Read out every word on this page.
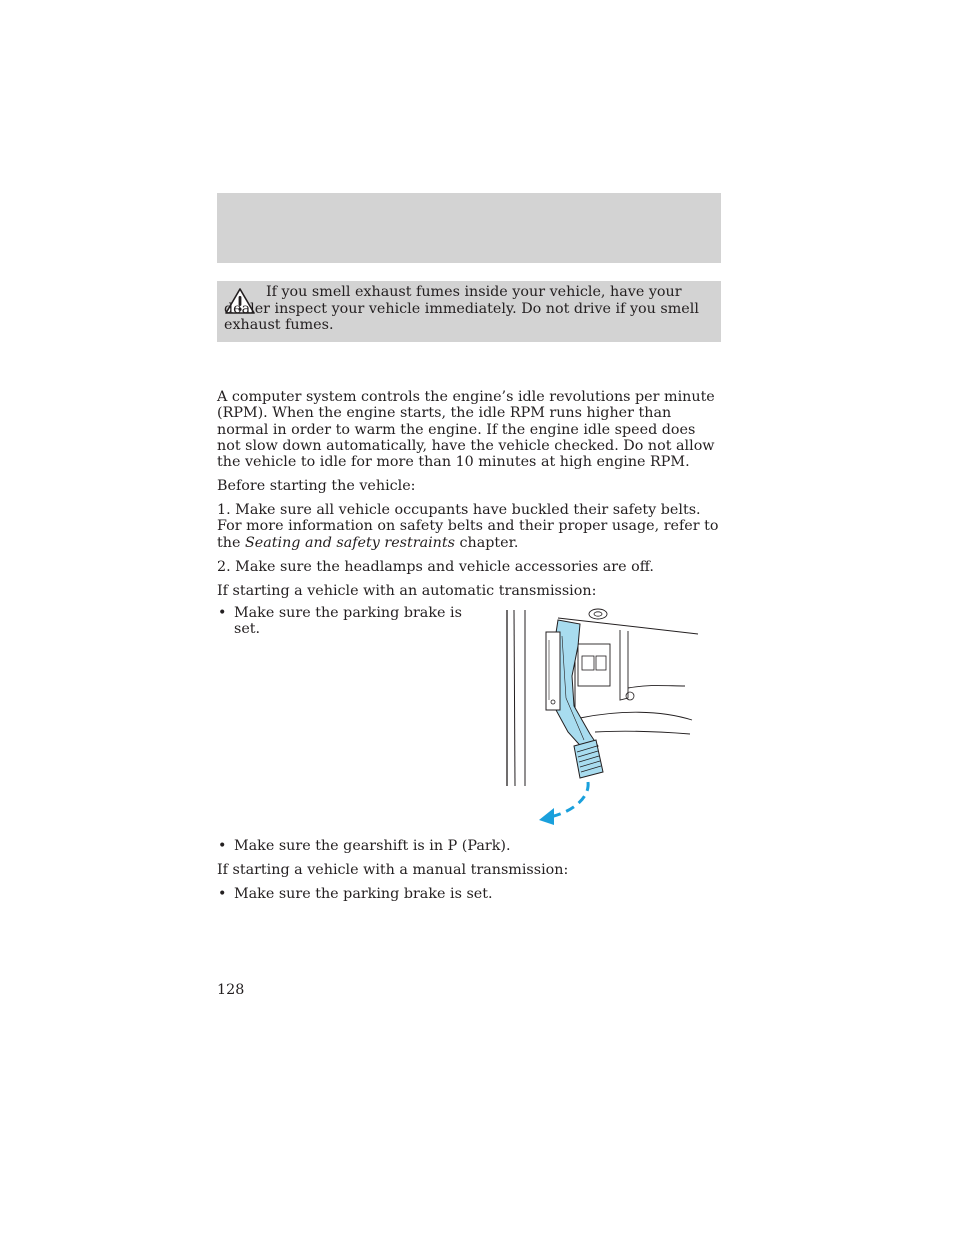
If you smell exhaust fumes inside your vehicle, have your dealer inspect your vehicle immediately. Do not drive if you smell exhaust fumes.

A computer system controls the engine’s idle revolutions per minute (RPM). When the engine starts, the idle RPM runs higher than normal in order to warm the engine. If the engine idle speed does not slow down automatically, have the vehicle checked. Do not allow the vehicle to idle for more than 10 minutes at high engine RPM.

Before starting the vehicle:

1. Make sure all vehicle occupants have buckled their safety belts. For more information on safety belts and their proper usage, refer to the Seating and safety restraints chapter.

2. Make sure the headlamps and vehicle accessories are off.

If starting a vehicle with an automatic transmission:

• Make sure the parking brake is set.

• Make sure the gearshift is in P (Park).

If starting a vehicle with a manual transmission:

• Make sure the parking brake is set.

128
